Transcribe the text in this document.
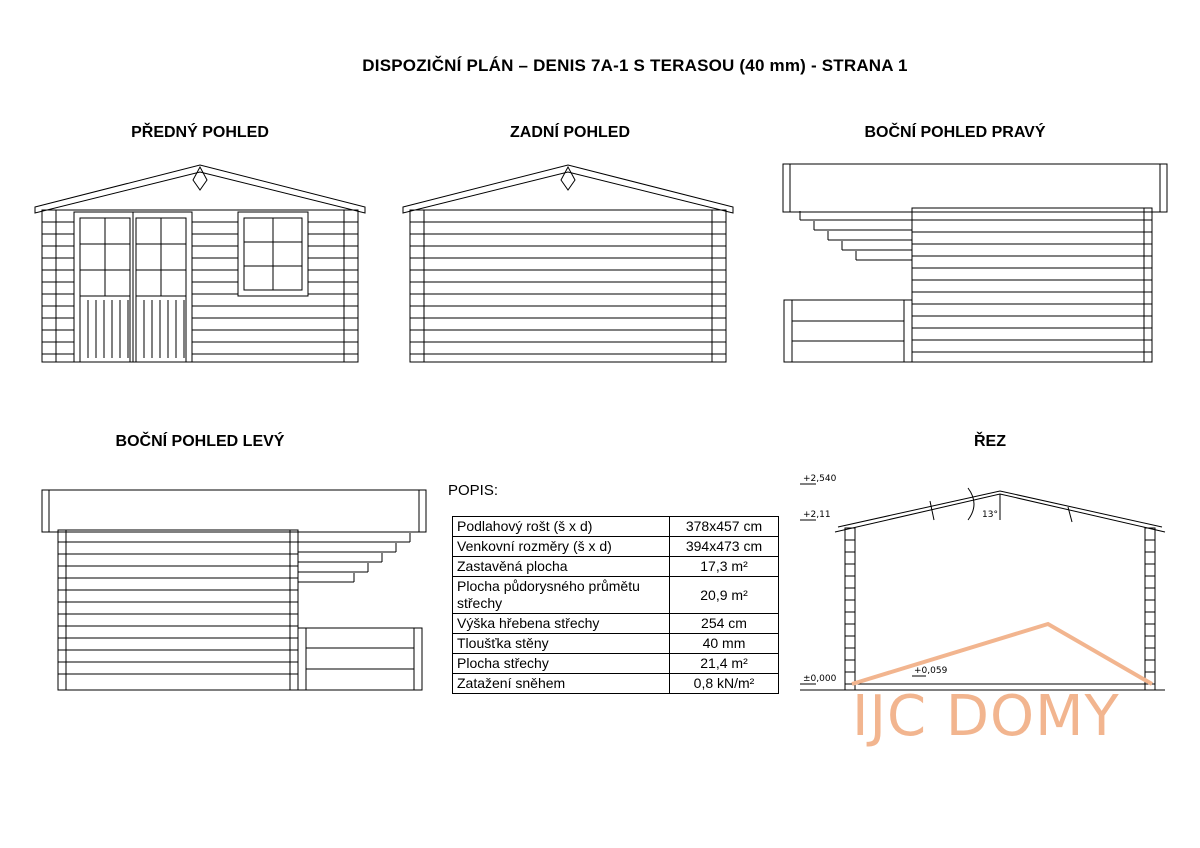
DISPOZIČNÍ PLÁN – DENIS 7A-1 S TERASOU (40 mm) - STRANA 1
PŘEDNÝ POHLED	ZADNÍ POHLED	BOČNÍ POHLED PRAVÝ
BOČNÍ POHLED LEVÝ	ŘEZ
+2,540
+2,11
±0,000
+0,059
13°
POPIS:
Podlahový rošt (š x d)	378x457 cm
Venkovní rozměry (š x d)	394x473 cm
Zastavěná plocha	17,3 m²
Plocha půdorysného průmětu střechy	20,9 m²
Výška hřebena střechy	254 cm
Tloušťka stěny	40 mm
Plocha střechy	21,4 m²
Zatažení sněhem	0,8 kN/m²
IJC DOMY
